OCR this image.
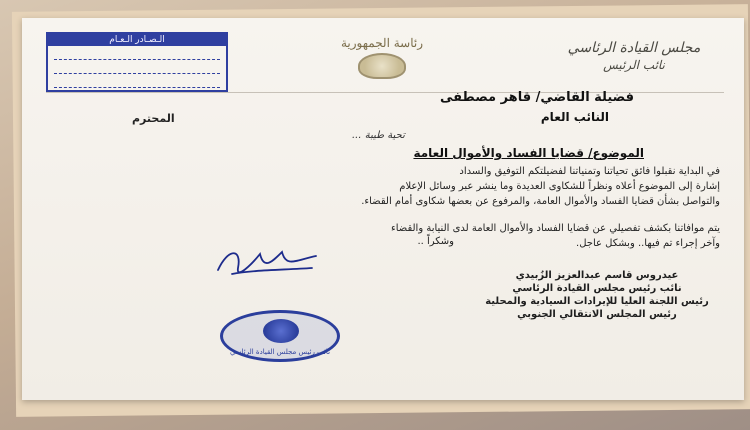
الـصـادر الـعـام	رئاسة الجمهورية	مجلس القيادة الرئاسي
نائب الرئيس
فضيلة القاضي/ قاهر مصطفى
النائب العام
المحترم
تحية طيبة ...
الموضوع/ قضايا الفساد والأموال العامة

في البداية نقبلوا فائق تحياتنا وتمنياتنا لفضيلتكم التوفيق والسداد

إشارة إلى الموضوع أعلاه ونظراً للشكاوى العديدة وما ينشر عبر وسائل الإعلام

والتواصل بشأن قضايا الفساد والأموال العامة، والمرفوع عن بعضها شكاوى أمام القضاء.

يتم موافاتنا بكشف تفصيلي عن قضايا الفساد والأموال العامة لدى النيابة والقضاء

وآخر إجراء تم فيها.. وبشكل عاجل.

وشكراً ..
عيدروس قاسم عبدالعزيز الزُبيدي
نائب رئيس مجلس القيادة الرئاسي
رئيس اللجنة العليا للإيرادات السيادية والمحلية
رئيس المجلس الانتقالي الجنوبي
نائب رئيس مجلس القيادة الرئاسي
